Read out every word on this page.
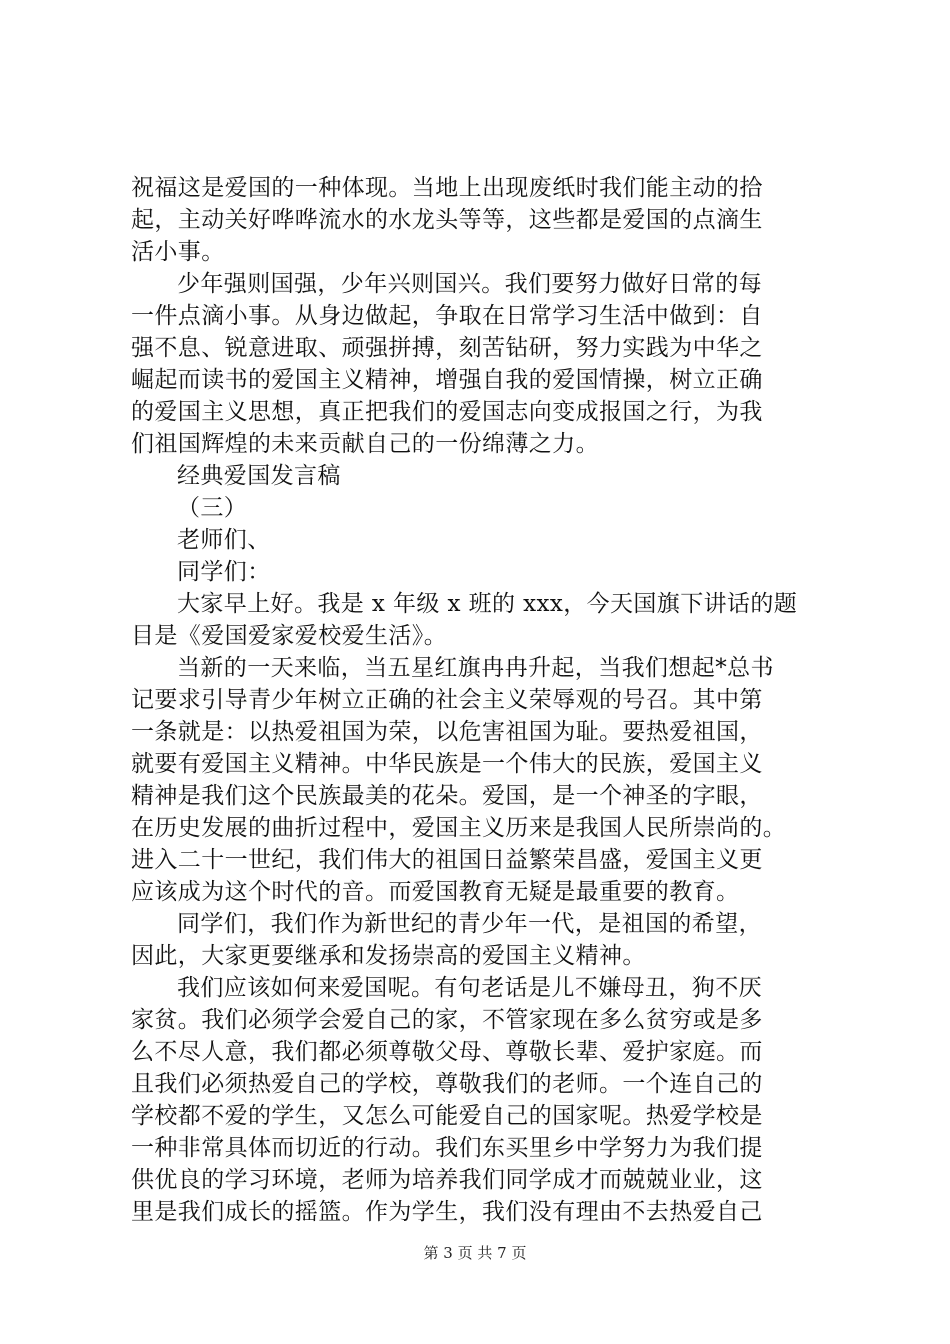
祝福这是爱国的一种体现。当地上出现废纸时我们能主动的拾
起，主动关好哗哗流水的水龙头等等，这些都是爱国的点滴生
活小事。
少年强则国强，少年兴则国兴。我们要努力做好日常的每
一件点滴小事。从身边做起，争取在日常学习生活中做到：自
强不息、锐意进取、顽强拼搏，刻苦钻研，努力实践为中华之
崛起而读书的爱国主义精神，增强自我的爱国情操，树立正确
的爱国主义思想，真正把我们的爱国志向变成报国之行，为我
们祖国辉煌的未来贡献自己的一份绵薄之力。
经典爱国发言稿
（三）
老师们、
同学们：
大家早上好。我是 x 年级 x 班的 xxx，今天国旗下讲话的题
目是《爱国爱家爱校爱生活》。
当新的一天来临，当五星红旗冉冉升起，当我们想起*总书
记要求引导青少年树立正确的社会主义荣辱观的号召。其中第
一条就是：以热爱祖国为荣，以危害祖国为耻。要热爱祖国，
就要有爱国主义精神。中华民族是一个伟大的民族，爱国主义
精神是我们这个民族最美的花朵。爱国，是一个神圣的字眼，
在历史发展的曲折过程中，爱国主义历来是我国人民所崇尚的。
进入二十一世纪，我们伟大的祖国日益繁荣昌盛，爱国主义更
应该成为这个时代的音。而爱国教育无疑是最重要的教育。
同学们，我们作为新世纪的青少年一代，是祖国的希望，
因此，大家更要继承和发扬崇高的爱国主义精神。
我们应该如何来爱国呢。有句老话是儿不嫌母丑，狗不厌
家贫。我们必须学会爱自己的家，不管家现在多么贫穷或是多
么不尽人意，我们都必须尊敬父母、尊敬长辈、爱护家庭。而
且我们必须热爱自己的学校，尊敬我们的老师。一个连自己的
学校都不爱的学生，又怎么可能爱自己的国家呢。热爱学校是
一种非常具体而切近的行动。我们东买里乡中学努力为我们提
供优良的学习环境，老师为培养我们同学成才而兢兢业业，这
里是我们成长的摇篮。作为学生，我们没有理由不去热爱自己
第 3 页 共 7 页
